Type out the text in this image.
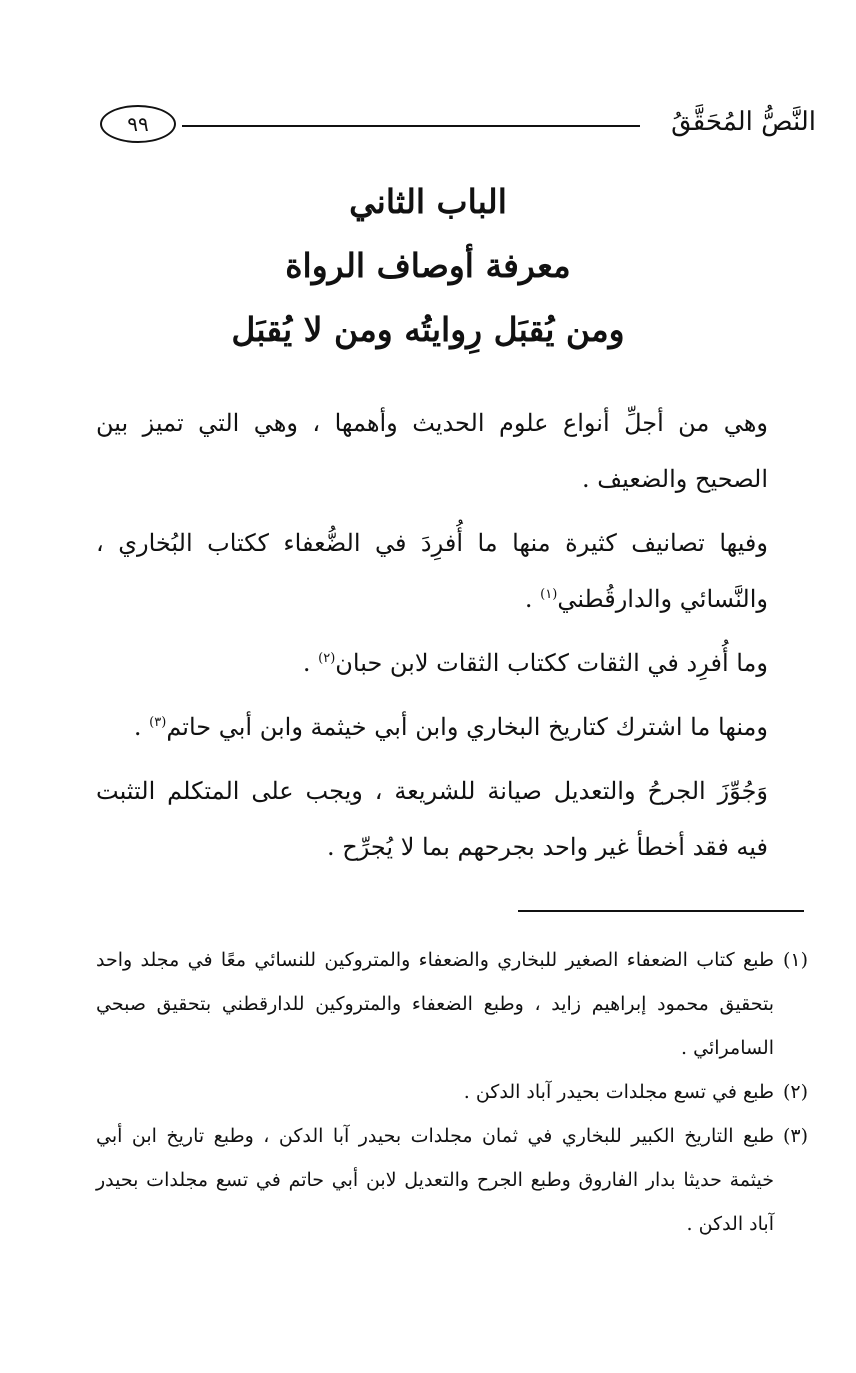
النَّصُّ المُحَقَّقُ
٩٩
الباب الثاني
معرفة أوصاف الرواة
ومن يُقبَل رِوايتُه ومن لا يُقبَل

وهي من أجلِّ أنواع علوم الحديث وأهمها ، وهي التي تميز بين الصحيح والضعيف .

وفيها تصانيف كثيرة منها ما أُفرِدَ في الضُّعفاء ككتاب البُخاري ، والنَّسائي والدارقُطني$^{(١)}$ .

وما أُفرِد في الثقات ككتاب الثقات لابن حبان$^{(٢)}$ .

ومنها ما اشترك كتاريخ البخاري وابن أبي خيثمة وابن أبي حاتم$^{(٣)}$ .

وَجُوِّزَ الجرحُ والتعديل صيانة للشريعة ، ويجب على المتكلم التثبت فيه فقد أخطأ غير واحد بجرحهم بما لا يُجرِّح .

(١)
طبع كتاب الضعفاء الصغير للبخاري والضعفاء والمتروكين للنسائي معًا في مجلد واحد بتحقيق محمود إبراهيم زايد ، وطبع الضعفاء والمتروكين للدارقطني بتحقيق صبحي السامرائي .
(٢)
طبع في تسع مجلدات بحيدر آباد الدكن .
(٣)
طبع التاريخ الكبير للبخاري في ثمان مجلدات بحيدر آبا الدكن ، وطبع تاريخ ابن أبي خيثمة حديثا بدار الفاروق وطبع الجرح والتعديل لابن أبي حاتم في تسع مجلدات بحيدر آباد الدكن .
